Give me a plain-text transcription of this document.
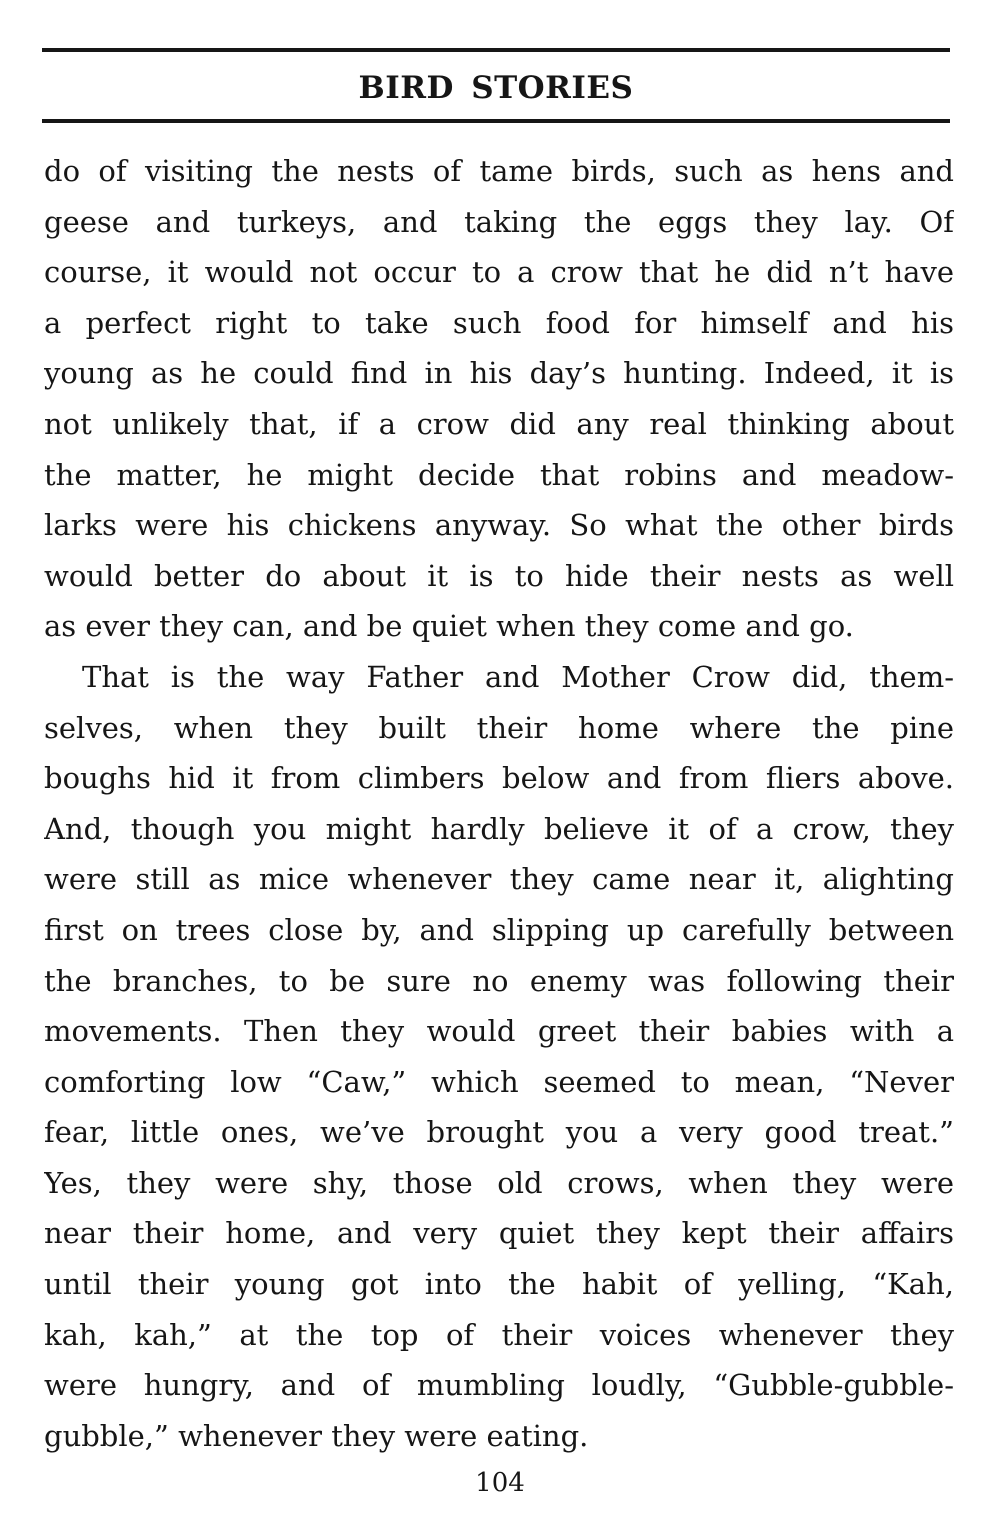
BIRD STORIES
do of visiting the nests of tame birds, such as hens and
geese and turkeys, and taking the eggs they lay. Of
course, it would not occur to a crow that he did n’t have
a perfect right to take such food for himself and his
young as he could find in his day’s hunting. Indeed, it is
not unlikely that, if a crow did any real thinking about
the matter, he might decide that robins and meadow-
larks were his chickens anyway. So what the other birds
would better do about it is to hide their nests as well
as ever they can, and be quiet when they come and go.
That is the way Father and Mother Crow did, them-
selves, when they built their home where the pine
boughs hid it from climbers below and from fliers above.
And, though you might hardly believe it of a crow, they
were still as mice whenever they came near it, alighting
first on trees close by, and slipping up carefully between
the branches, to be sure no enemy was following their
movements. Then they would greet their babies with a
comforting low “Caw,” which seemed to mean, “Never
fear, little ones, we’ve brought you a very good treat.”
Yes, they were shy, those old crows, when they were
near their home, and very quiet they kept their affairs
until their young got into the habit of yelling, “Kah,
kah, kah,” at the top of their voices whenever they
were hungry, and of mumbling loudly, “Gubble-gubble-
gubble,” whenever they were eating.
104
